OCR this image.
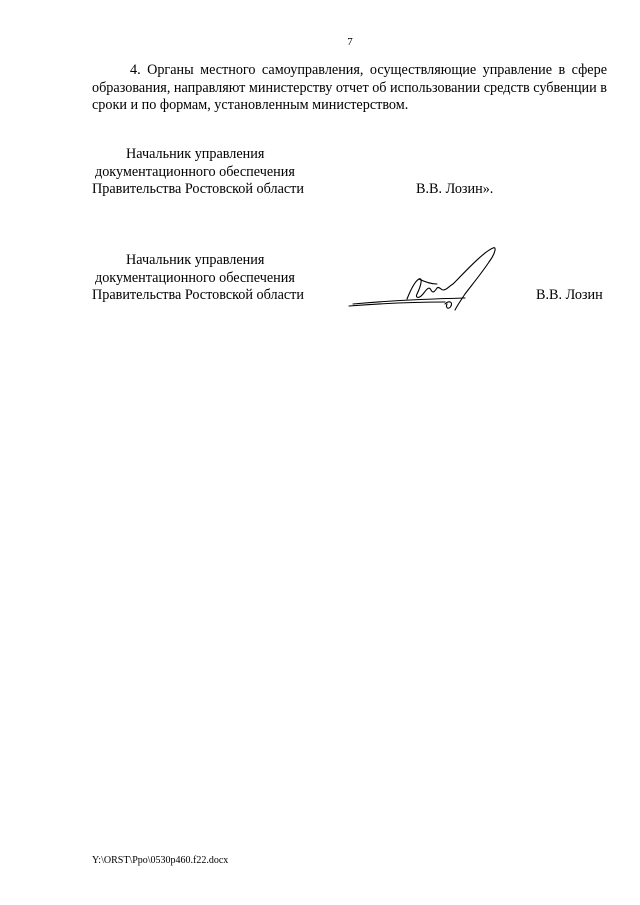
7

4. Органы местного самоуправления, осуществляющие управление в сфере образования, направляют министерству отчет об использовании средств субвенции в сроки и по формам, установленным министерством.

Начальник управления
документационного обеспечения
Правительства Ростовской области	В.В. Лозин».
Начальник управления
документационного обеспечения
Правительства Ростовской области	В.В. Лозин
Y:\ORST\Ppo\0530p460.f22.docx
